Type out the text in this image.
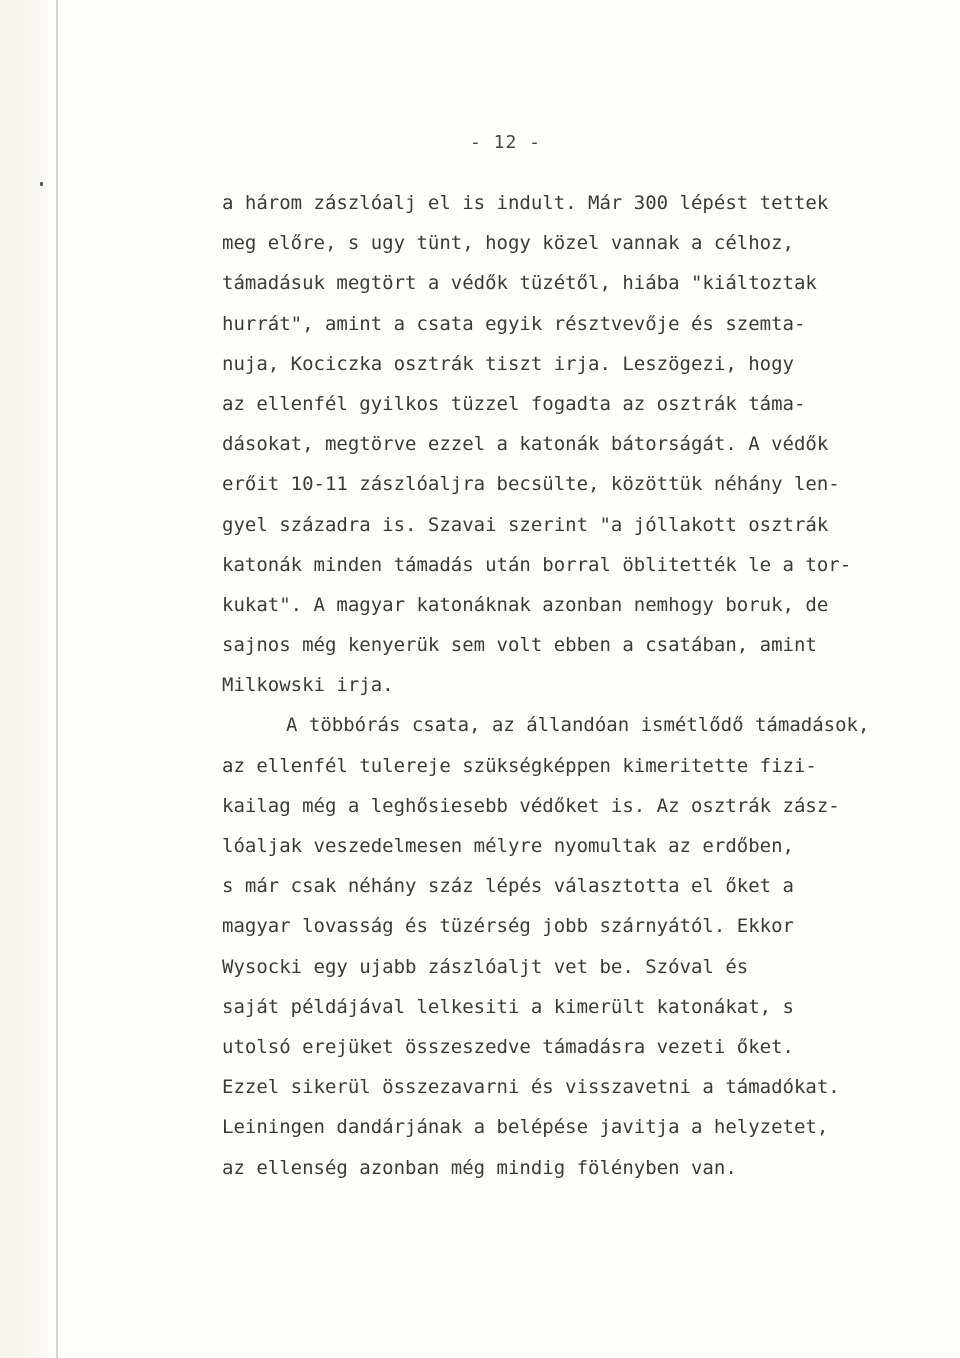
- 12 -
a három zászlóalj el is indult. Már 300 lépést tettek
meg előre, s ugy tünt, hogy közel vannak a célhoz,
támadásuk megtört a védők tüzétől, hiába "kiáltoztak
hurrát", amint a csata egyik résztvevője és szemta-
nuja, Kociczka osztrák tiszt irja. Leszögezi, hogy
az ellenfél gyilkos tüzzel fogadta az osztrák táma-
dásokat, megtörve ezzel a katonák bátorságát. A védők
erőit 10-11 zászlóaljra becsülte, közöttük néhány len-
gyel századra is. Szavai szerint "a jóllakott osztrák
katonák minden támadás után borral öblitették le a tor-
kukat". A magyar katonáknak azonban nemhogy boruk, de
sajnos még kenyerük sem volt ebben a csatában, amint
Milkowski irja.
A többórás csata, az állandóan ismétlődő támadások,
az ellenfél tulereje szükségképpen kimeritette fizi-
kailag még a leghősiesebb védőket is. Az osztrák zász-
lóaljak veszedelmesen mélyre nyomultak az erdőben,
s már csak néhány száz lépés választotta el őket a
magyar lovasság és tüzérség jobb szárnyától. Ekkor
Wysocki egy ujabb zászlóaljt vet be. Szóval és
saját példájával lelkesiti a kimerült katonákat, s
utolsó erejüket összeszedve támadásra vezeti őket.
Ezzel sikerül összezavarni és visszavetni a támadókat.
Leiningen dandárjának a belépése javitja a helyzetet,
az ellenség azonban még mindig fölényben van.
